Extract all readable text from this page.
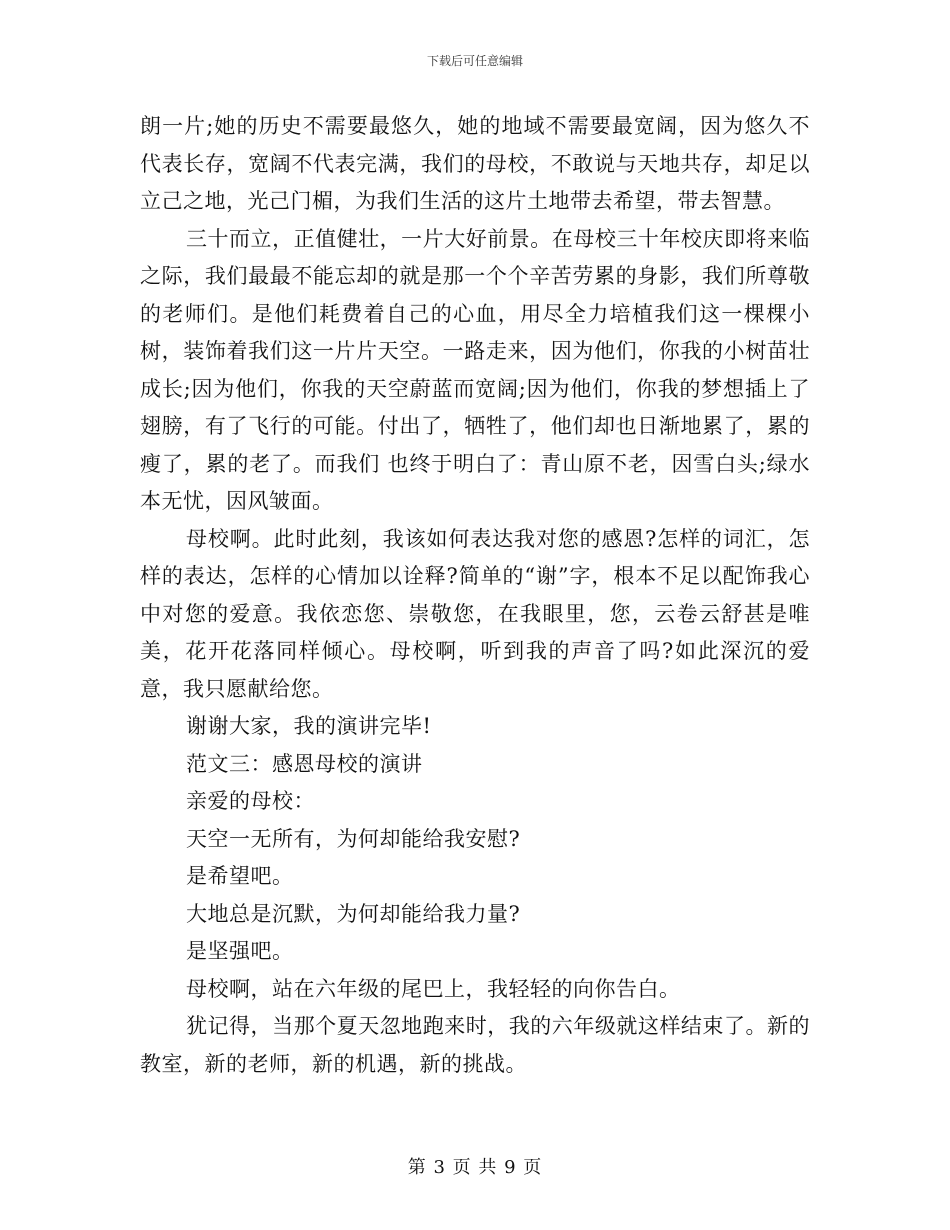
下载后可任意编辑

朗一片;她的历史不需要最悠久，她的地域不需要最宽阔，因为悠久不代表长存，宽阔不代表完满，我们的母校，不敢说与天地共存，却足以立己之地，光己门楣，为我们生活的这片土地带去希望，带去智慧。

三十而立，正值健壮，一片大好前景。在母校三十年校庆即将来临之际，我们最最不能忘却的就是那一个个辛苦劳累的身影，我们所尊敬的老师们。是他们耗费着自己的心血，用尽全力培植我们这一棵棵小树，装饰着我们这一片片天空。一路走来，因为他们，你我的小树苗壮成长;因为他们，你我的天空蔚蓝而宽阔;因为他们，你我的梦想插上了翅膀，有了飞行的可能。付出了，牺牲了，他们却也日渐地累了，累的瘦了，累的老了。而我们 也终于明白了：青山原不老，因雪白头;绿水本无忧，因风皱面。

母校啊。此时此刻，我该如何表达我对您的感恩?怎样的词汇，怎样的表达，怎样的心情加以诠释?简单的“谢”字，根本不足以配饰我心中对您的爱意。我依恋您、崇敬您，在我眼里，您，云卷云舒甚是唯美，花开花落同样倾心。母校啊，听到我的声音了吗?如此深沉的爱意，我只愿献给您。

谢谢大家，我的演讲完毕!

范文三：感恩母校的演讲

亲爱的母校：

天空一无所有，为何却能给我安慰?

是希望吧。

大地总是沉默，为何却能给我力量?

是坚强吧。

母校啊，站在六年级的尾巴上，我轻轻的向你告白。

犹记得，当那个夏天忽地跑来时，我的六年级就这样结束了。新的教室，新的老师，新的机遇，新的挑战。

第 3 页 共 9 页
